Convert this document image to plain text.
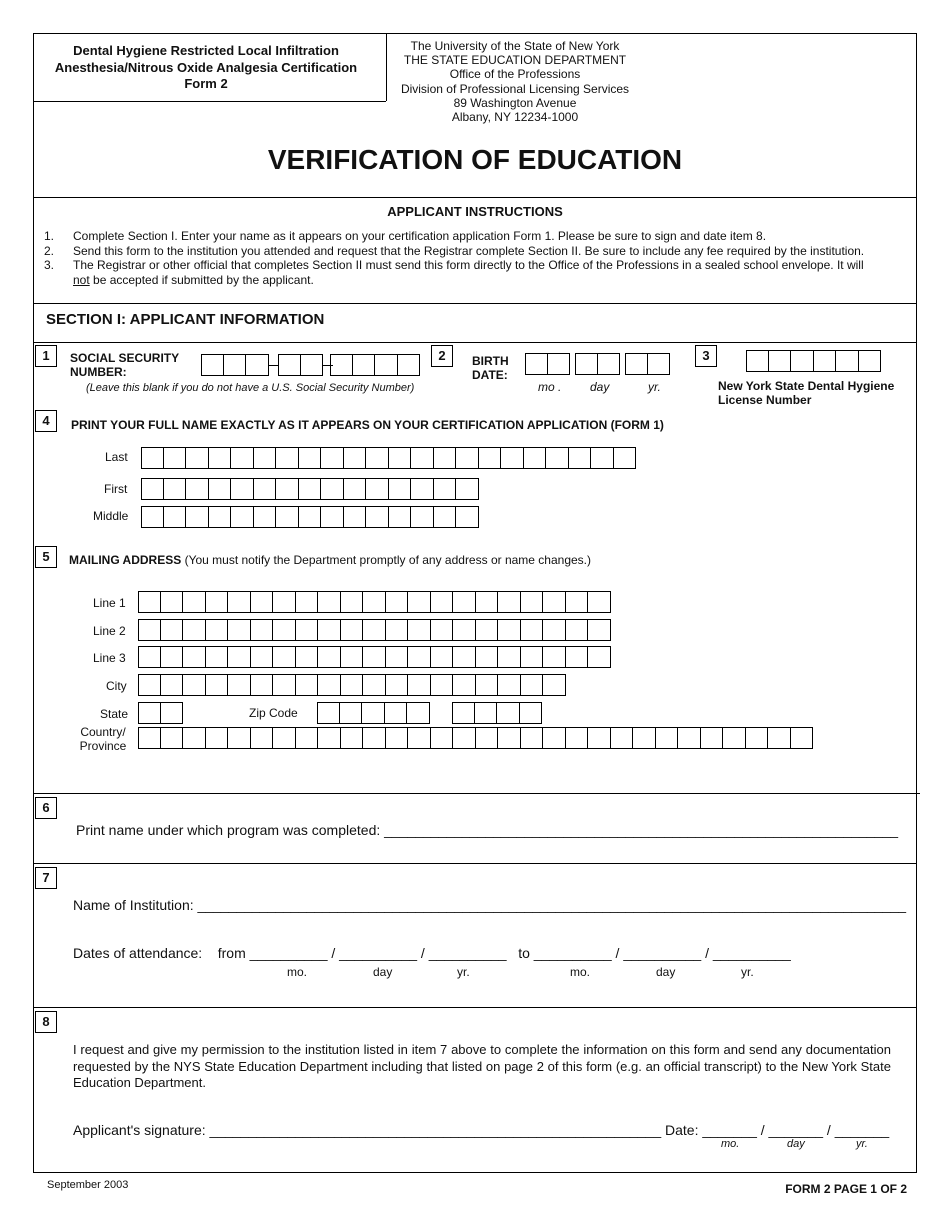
Dental Hygiene Restricted Local Infiltration
Anesthesia/Nitrous Oxide Analgesia Certification
Form 2
The University of the State of New York
THE STATE EDUCATION DEPARTMENT
Office of the Professions
Division of Professional Licensing Services
89 Washington Avenue
Albany, NY 12234-1000
VERIFICATION OF EDUCATION
APPLICANT INSTRUCTIONS
1.	Complete Section I. Enter your name as it appears on your certification application Form 1. Please be sure to sign and date item 8.
2.	Send this form to the institution you attended and request that the Registrar complete Section II. Be sure to include any fee required by the institution.
3.	The Registrar or other official that completes Section II must send this form directly to the Office of the Professions in a sealed school envelope. It will
not be accepted if submitted by the applicant.
SECTION I: APPLICANT INFORMATION
1	SOCIAL SECURITY
NUMBER:
(Leave this blank if you do not have a U.S. Social Security Number)
2	BIRTH
DATE:
mo . day	yr.
3
New York State Dental Hygiene
License Number
4	PRINT YOUR FULL NAME EXACTLY AS IT APPEARS ON YOUR CERTIFICATION APPLICATION (FORM 1)
Last
First
Middle
5	MAILING ADDRESS (You must notify the Department promptly of any address or name changes.)
Line 1
Line 2
Line 3
City
State	Zip Code
Country/
Province
6
Print name under which program was completed: __________________________________________________________________
7
Name of Institution: ___________________________________________________________________________________________
Dates of attendance:    from __________ / __________ / __________   to __________ / __________ / __________
mo.	day	yr.	mo.	day	yr.
8
I request and give my permission to the institution listed in item 7 above to complete the information on this form and send any documentation requested by the NYS State Education Department including that listed on page 2 of this form (e.g. an official transcript) to the New York State Education Department.
Applicant's signature: __________________________________________________________ Date: _______ / _______ / _______
mo.	day	yr.
September 2003	FORM 2 PAGE 1 OF 2
